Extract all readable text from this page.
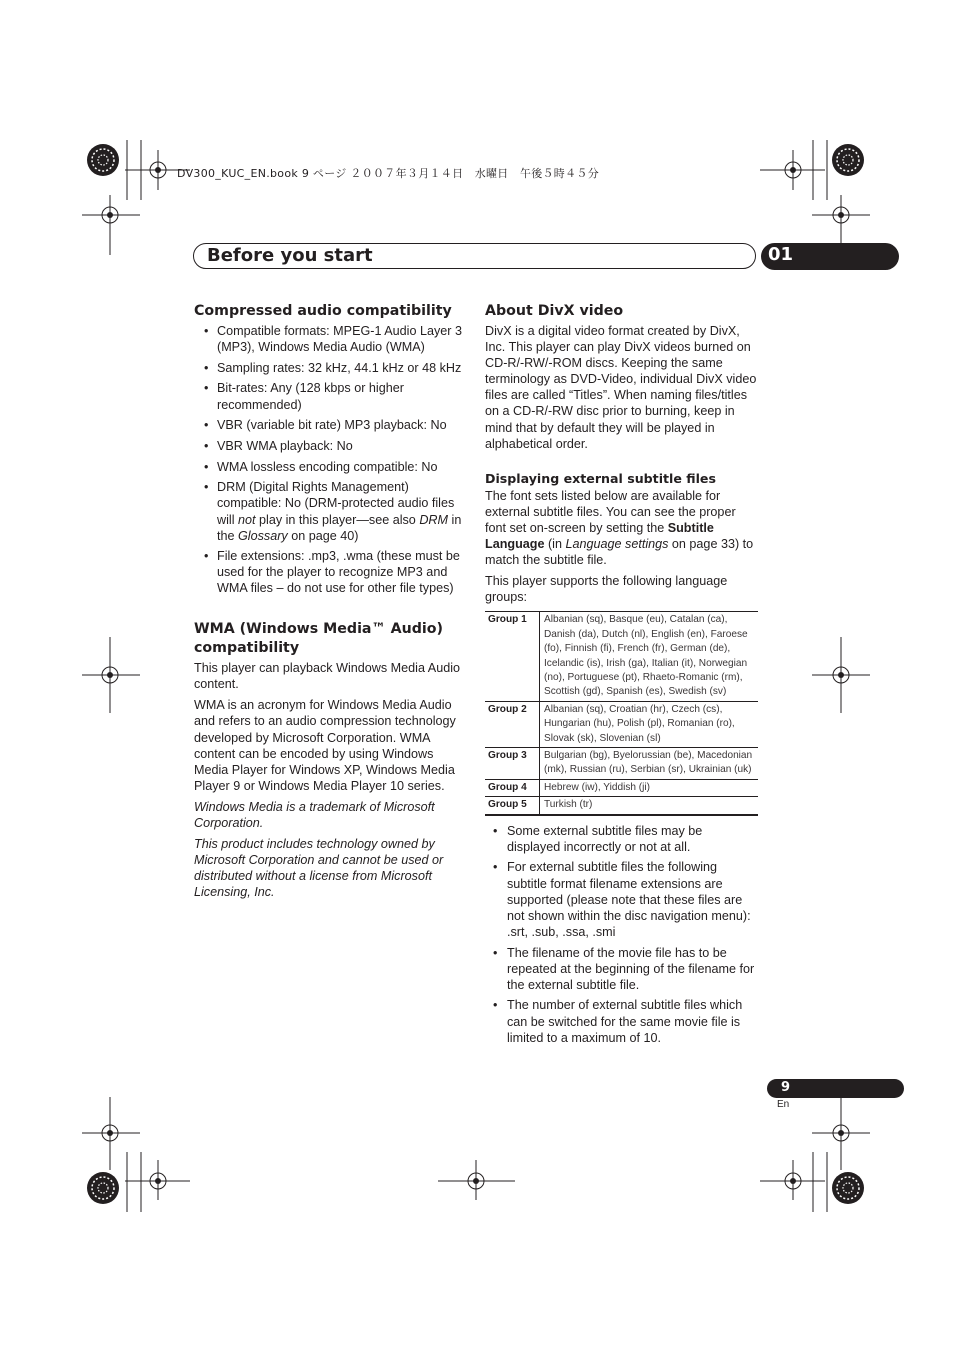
DV300_KUC_EN.book 9 ページ ２００７年３月１４日　水曜日　午後５時４５分
Before you start	01
Compressed audio compatibility
• Compatible formats: MPEG-1 Audio Layer 3 (MP3), Windows Media Audio (WMA)
• Sampling rates: 32 kHz, 44.1 kHz or 48 kHz
• Bit-rates: Any (128 kbps or higher recommended)
• VBR (variable bit rate) MP3 playback: No
• VBR WMA playback: No
• WMA lossless encoding compatible: No
• DRM (Digital Rights Management) compatible: No (DRM-protected audio files will not play in this player—see also DRM in the Glossary on page 40)
• File extensions: .mp3, .wma (these must be used for the player to recognize MP3 and WMA files – do not use for other file types)
WMA (Windows Media™ Audio) compatibility

This player can playback Windows Media Audio content.

WMA is an acronym for Windows Media Audio and refers to an audio compression technology developed by Microsoft Corporation. WMA content can be encoded by using Windows Media Player for Windows XP, Windows Media Player 9 or Windows Media Player 10 series.

Windows Media is a trademark of Microsoft Corporation.

This product includes technology owned by Microsoft Corporation and cannot be used or distributed without a license from Microsoft Licensing, Inc.

About DivX video

DivX is a digital video format created by DivX, Inc. This player can play DivX videos burned on CD-R/-RW/-ROM discs. Keeping the same terminology as DVD-Video, individual DivX video files are called “Titles”. When naming files/titles on a CD-R/-RW disc prior to burning, keep in mind that by default they will be played in alphabetical order.

Displaying external subtitle files

The font sets listed below are available for external subtitle files. You can see the proper font set on-screen by setting the Subtitle Language (in Language settings on page 33) to match the subtitle file.

This player supports the following language groups:

Group 1	Albanian (sq), Basque (eu), Catalan (ca), Danish (da), Dutch (nl), English (en), Faroese (fo), Finnish (fi), French (fr), German (de), Icelandic (is), Irish (ga), Italian (it), Norwegian (no), Portuguese (pt), Rhaeto-Romanic (rm), Scottish (gd), Spanish (es), Swedish (sv)
Group 2	Albanian (sq), Croatian (hr), Czech (cs), Hungarian (hu), Polish (pl), Romanian (ro), Slovak (sk), Slovenian (sl)
Group 3	Bulgarian (bg), Byelorussian (be), Macedonian (mk), Russian (ru), Serbian (sr), Ukrainian (uk)
Group 4	Hebrew (iw), Yiddish (ji)
Group 5	Turkish (tr)
• Some external subtitle files may be displayed incorrectly or not at all.
• For external subtitle files the following subtitle format filename extensions are supported (please note that these files are not shown within the disc navigation menu): .srt, .sub, .ssa, .smi
• The filename of the movie file has to be repeated at the beginning of the filename for the external subtitle file.
• The number of external subtitle files which can be switched for the same movie file is limited to a maximum of 10.
9
En
